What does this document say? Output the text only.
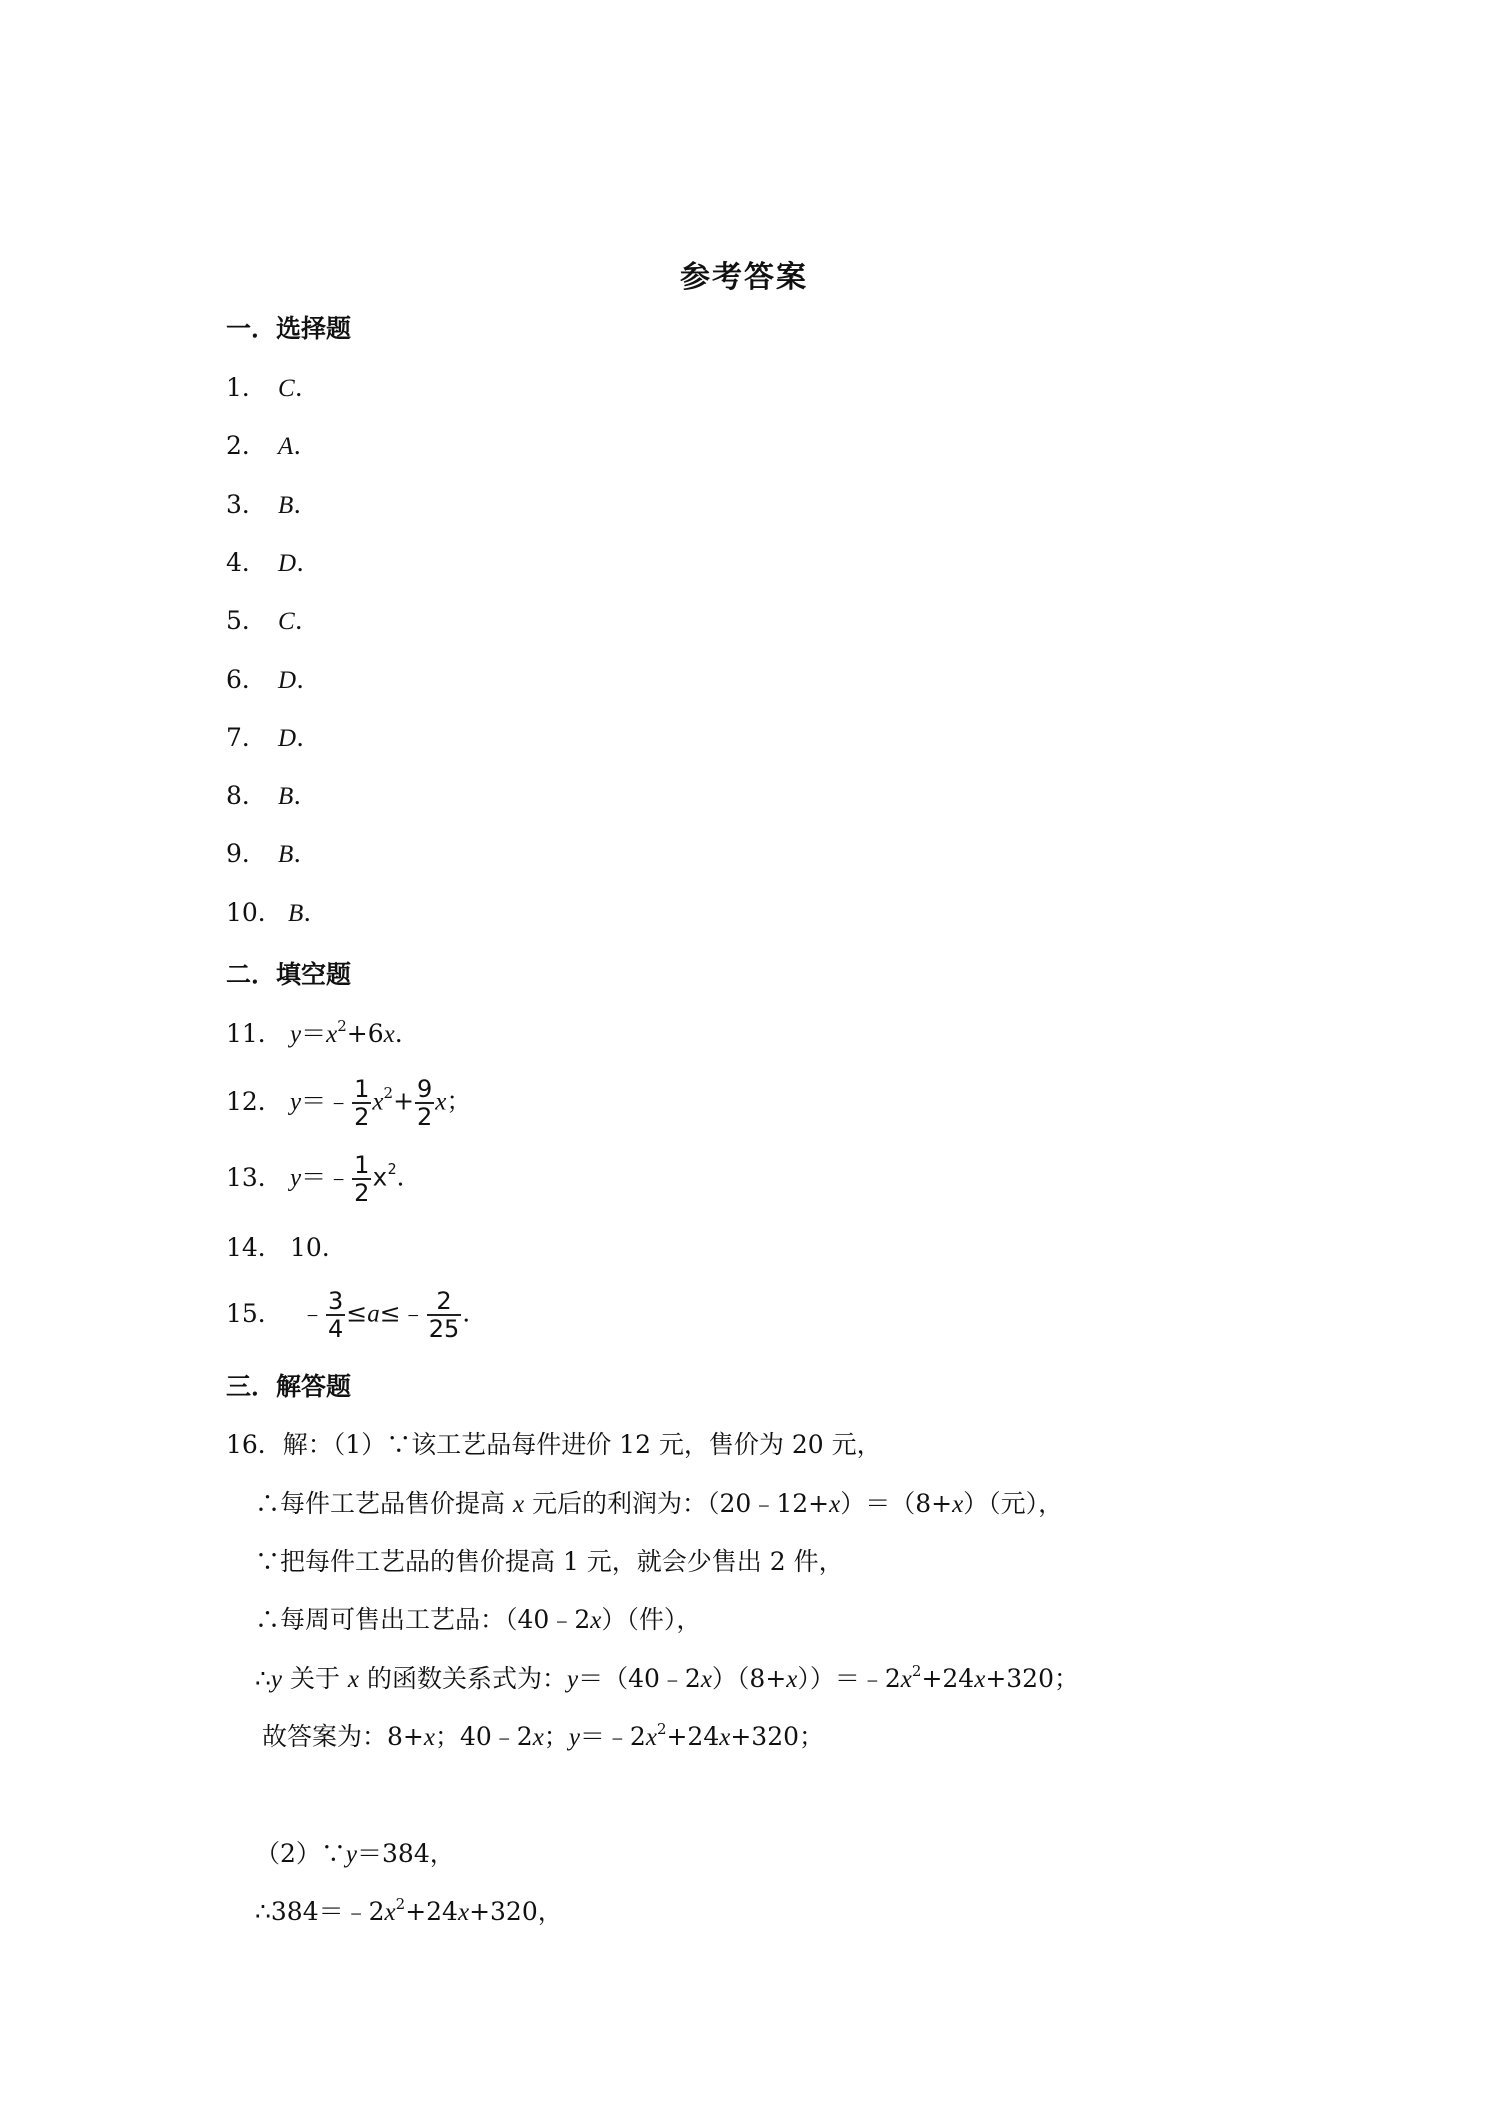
参考答案
一．选择题
1． C.
2． A.
3． B.
4． D.
5． C.
6． D.
7． D.
8． B.
9． B.
10． B.
二．填空题
11． $y=x^2+6x$.
12． y＝﹣ $\frac{1}{2} x^2+ \frac{9}{2}$ x；
13． y＝﹣ $\frac{1}{2} x^2$.
14． 10.
15． ﹣ $\frac{3}{4}$ ≤a≤﹣ $\frac{2}{25}$ .
三．解答题
16．解：（1）∵该工艺品每件进价 12 元，售价为 20 元，
∴每件工艺品售价提高 x 元后的利润为：（20﹣12+x）＝（8+x）（元），
∵把每件工艺品的售价提高 1 元，就会少售出 2 件，
∴每周可售出工艺品：（40﹣2x）（件），
∴y 关于 x 的函数关系式为：$y=(40﹣2x)(8+x))=﹣2x^2+24x+320$；
故答案为：8+x；40﹣2x；$y=﹣2x^2+24x+320$；
（2）∵y＝384，
$\therefore 384=﹣2x^2+24x+320$，
